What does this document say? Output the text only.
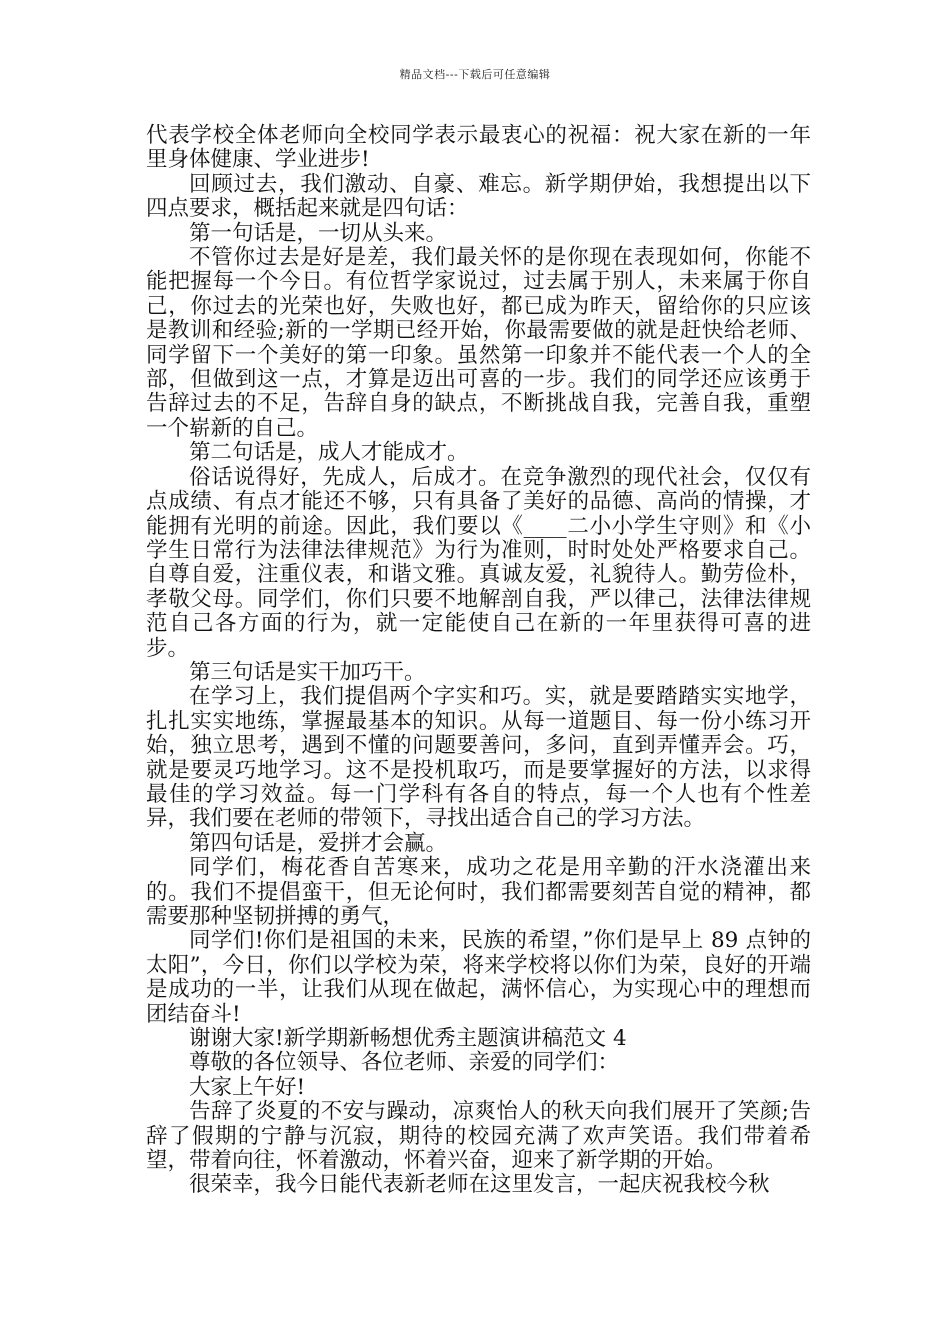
精品文档---下载后可任意编辑

代表学校全体老师向全校同学表示最衷心的祝福：祝大家在新的一年里身体健康、学业进步!

回顾过去，我们激动、自豪、难忘。新学期伊始，我想提出以下四点要求，概括起来就是四句话：

第一句话是，一切从头来。

不管你过去是好是差，我们最关怀的是你现在表现如何，你能不能把握每一个今日。有位哲学家说过，过去属于别人，未来属于你自己，你过去的光荣也好，失败也好，都已成为昨天，留给你的只应该是教训和经验;新的一学期已经开始，你最需要做的就是赶快给老师、同学留下一个美好的第一印象。虽然第一印象并不能代表一个人的全部，但做到这一点，才算是迈出可喜的一步。我们的同学还应该勇于告辞过去的不足，告辞自身的缺点，不断挑战自我，完善自我，重塑一个崭新的自己。

第二句话是，成人才能成才。

俗话说得好，先成人，后成才。在竞争激烈的现代社会，仅仅有点成绩、有点才能还不够，只有具备了美好的品德、高尚的情操，才能拥有光明的前途。因此，我们要以《____二小小学生守则》和《小学生日常行为法律法律规范》为行为准则，时时处处严格要求自己。自尊自爱，注重仪表，和谐文雅。真诚友爱，礼貌待人。勤劳俭朴，孝敬父母。同学们，你们只要不地解剖自我，严以律己，法律法律规范自己各方面的行为，就一定能使自己在新的一年里获得可喜的进步。

第三句话是实干加巧干。

在学习上，我们提倡两个字实和巧。实，就是要踏踏实实地学，扎扎实实地练，掌握最基本的知识。从每一道题目、每一份小练习开始，独立思考，遇到不懂的问题要善问，多问，直到弄懂弄会。巧，就是要灵巧地学习。这不是投机取巧，而是要掌握好的方法，以求得最佳的学习效益。每一门学科有各自的特点，每一个人也有个性差异，我们要在老师的带领下，寻找出适合自己的学习方法。

第四句话是，爱拼才会赢。

同学们，梅花香自苦寒来，成功之花是用辛勤的汗水浇灌出来的。我们不提倡蛮干，但无论何时，我们都需要刻苦自觉的精神，都需要那种坚韧拼搏的勇气，

同学们!你们是祖国的未来，民族的希望，”你们是早上 89 点钟的太阳”，今日，你们以学校为荣，将来学校将以你们为荣，良好的开端是成功的一半，让我们从现在做起，满怀信心，为实现心中的理想而团结奋斗!

谢谢大家!新学期新畅想优秀主题演讲稿范文 4

尊敬的各位领导、各位老师、亲爱的同学们：

大家上午好!

告辞了炎夏的不安与躁动，凉爽怡人的秋天向我们展开了笑颜;告辞了假期的宁静与沉寂，期待的校园充满了欢声笑语。我们带着希望，带着向往，怀着激动，怀着兴奋，迎来了新学期的开始。

很荣幸，我今日能代表新老师在这里发言，一起庆祝我校今秋
